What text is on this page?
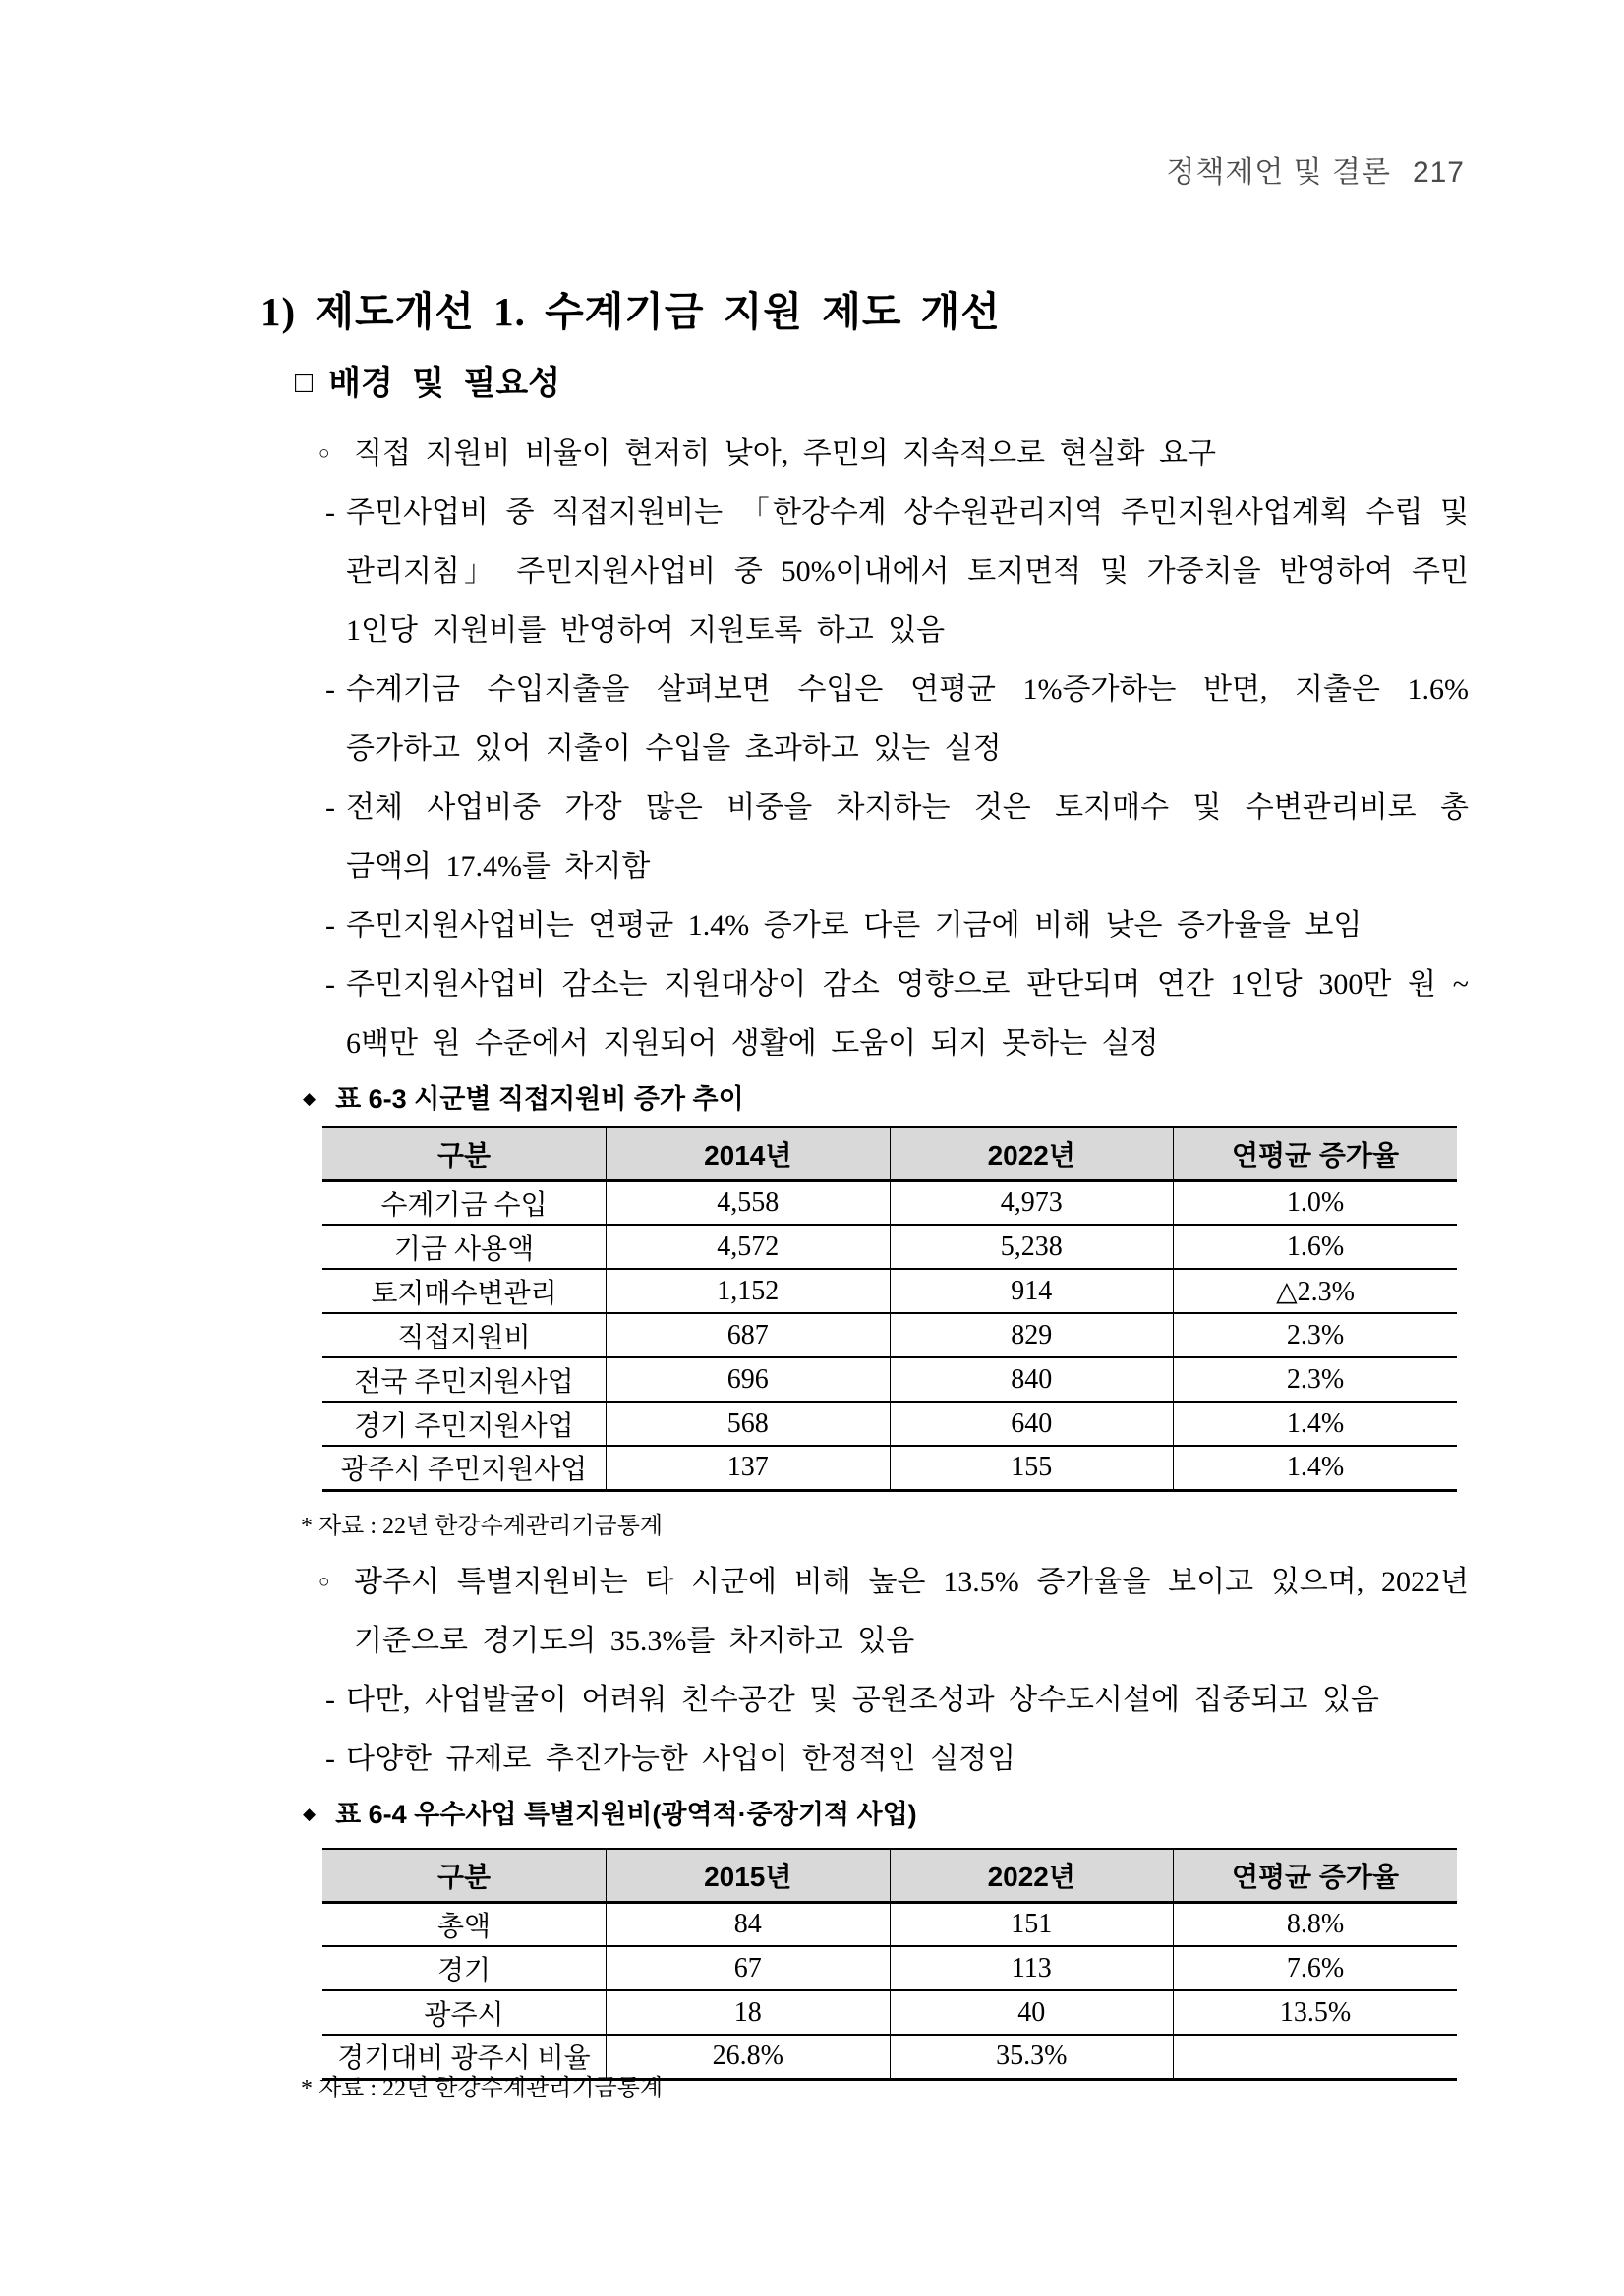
정책제언 및 결론 217
1) 제도개선 1. 수계기금 지원 제도 개선
□ 배경 및 필요성
○ 직접 지원비 비율이 현저히 낮아, 주민의 지속적으로 현실화 요구
- 주민사업비 중 직접지원비는 「한강수계 상수원관리지역 주민지원사업계획 수립 및 관리지침」 주민지원사업비 중 50%이내에서 토지면적 및 가중치을 반영하여 주민 1인당 지원비를 반영하여 지원토록 하고 있음
- 수계기금 수입지출을 살펴보면 수입은 연평균 1%증가하는 반면, 지출은 1.6% 증가하고 있어 지출이 수입을 초과하고 있는 실정
- 전체 사업비중 가장 많은 비중을 차지하는 것은 토지매수 및 수변관리비로 총 금액의 17.4%를 차지함
- 주민지원사업비는 연평균 1.4% 증가로 다른 기금에 비해 낮은 증가율을 보임
- 주민지원사업비 감소는 지원대상이 감소 영향으로 판단되며 연간 1인당 300만 원 ~ 6백만 원 수준에서 지원되어 생활에 도움이 되지 못하는 실정
◆ 표 6-3 시군별 직접지원비 증가 추이
구분	2014년	2022년	연평균 증가율
수계기금 수입	4,558	4,973	1.0%
기금 사용액	4,572	5,238	1.6%
토지매수변관리	1,152	914	△2.3%
직접지원비	687	829	2.3%
전국 주민지원사업	696	840	2.3%
경기 주민지원사업	568	640	1.4%
광주시 주민지원사업	137	155	1.4%
* 자료 : 22년 한강수계관리기금통계
○ 광주시 특별지원비는 타 시군에 비해 높은 13.5% 증가율을 보이고 있으며, 2022년 기준으로 경기도의 35.3%를 차지하고 있음
- 다만, 사업발굴이 어려워 친수공간 및 공원조성과 상수도시설에 집중되고 있음
- 다양한 규제로 추진가능한 사업이 한정적인 실정임
◆ 표 6-4 우수사업 특별지원비(광역적·중장기적 사업)
구분	2015년	2022년	연평균 증가율
총액	84	151	8.8%
경기	67	113	7.6%
광주시	18	40	13.5%
경기대비 광주시 비율	26.8%	35.3%	
* 자료 : 22년 한강수계관리기금통계
